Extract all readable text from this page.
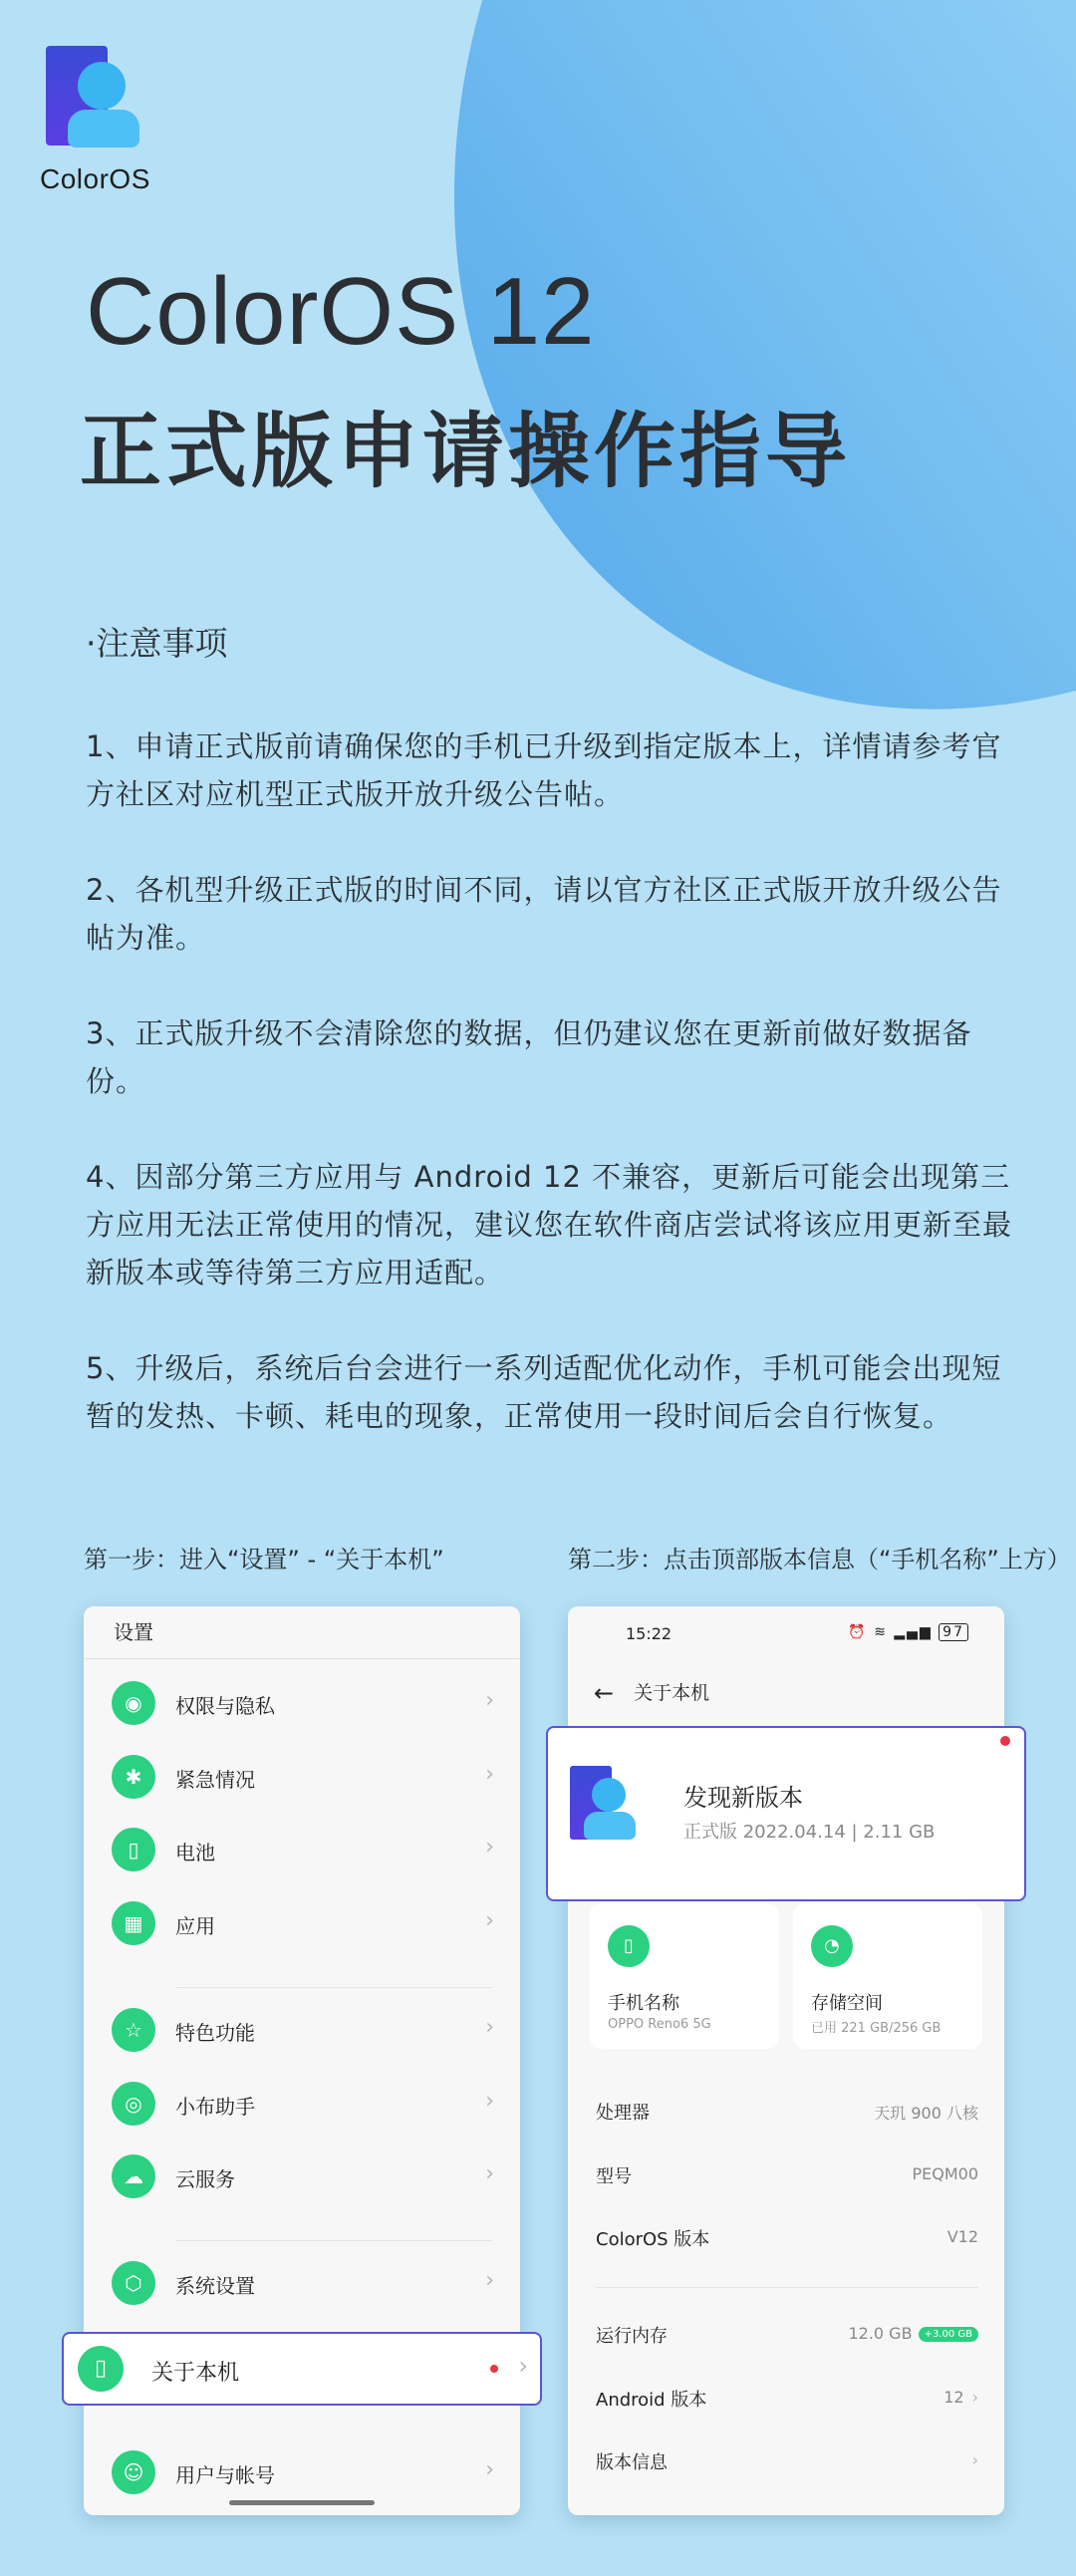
ColorOS
ColorOS 12
正式版申请操作指导
·注意事项
1、申请正式版前请确保您的手机已升级到指定版本上，详情请参考官方社区对应机型正式版开放升级公告帖。
2、各机型升级正式版的时间不同，请以官方社区正式版开放升级公告帖为准。
3、正式版升级不会清除您的数据，但仍建议您在更新前做好数据备份。
4、因部分第三方应用与 Android 12 不兼容，更新后可能会出现第三方应用无法正常使用的情况，建议您在软件商店尝试将该应用更新至最新版本或等待第三方应用适配。
5、升级后，系统后台会进行一系列适配优化动作，手机可能会出现短暂的发热、卡顿、耗电的现象，正常使用一段时间后会自行恢复。
第一步：进入“设置” - “关于本机”	第二步：点击顶部版本信息（“手机名称”上方）
设置
◉	权限与隐私	›
✱	紧急情况	›
▯	电池	›
▦	应用	›
☆	特色功能	›
◎	小布助手	›
☁	云服务	›
⬡	系统设置	›
☺	用户与帐号	›
▯	关于本机	›
15:22	⏰ ≋ ▂▄▆ 97
← 关于本机
▯
手机名称
OPPO Reno6 5G
◔
存储空间
已用 221 GB/256 GB
处理器	天玑 900 八核
型号	PEQM00
ColorOS 版本	V12
运行内存	12.0 GB +3.00 GB
Android 版本	12 ›
版本信息	›
发现新版本
正式版 2022.04.14 | 2.11 GB
